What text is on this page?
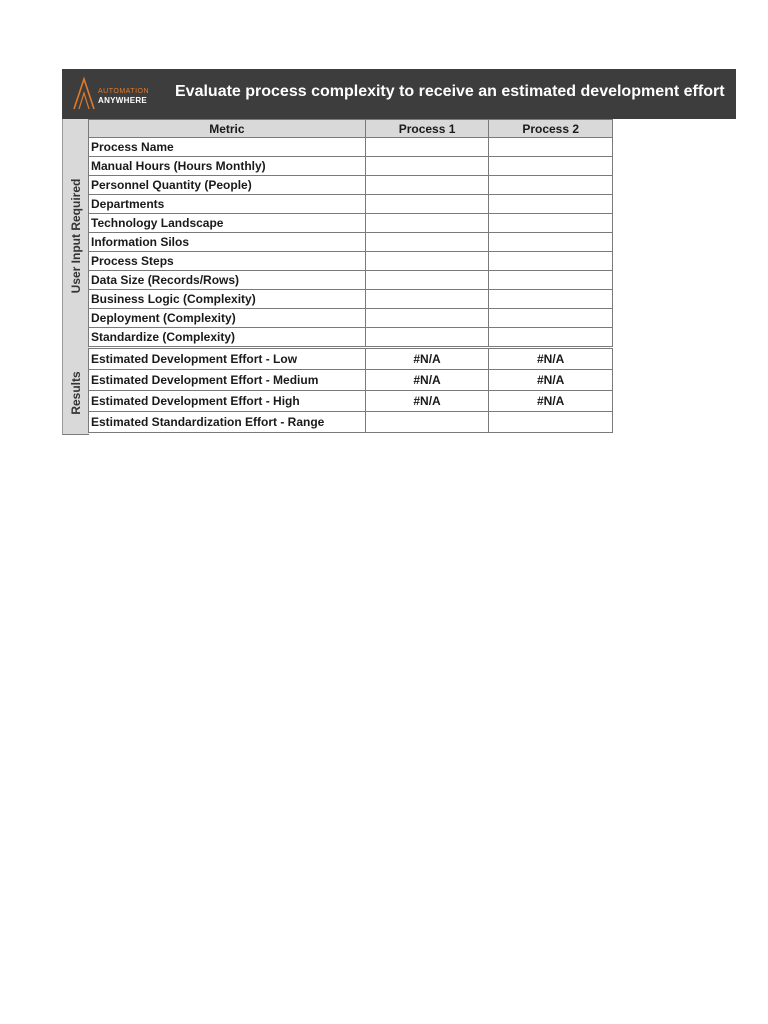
AUTOMATION
ANYWHERE
Evaluate process complexity to receive an estimated development effort
User Input Required
Results
Metric	Process 1	Process 2
Process Name		
Manual Hours (Hours Monthly)		
Personnel Quantity (People)		
Departments		
Technology Landscape		
Information Silos		
Process Steps		
Data Size (Records/Rows)		
Business Logic (Complexity)		
Deployment (Complexity)		
Standardize (Complexity)		
Estimated Development Effort - Low	#N/A	#N/A
Estimated Development Effort - Medium	#N/A	#N/A
Estimated Development Effort - High	#N/A	#N/A
Estimated Standardization Effort - Range		
